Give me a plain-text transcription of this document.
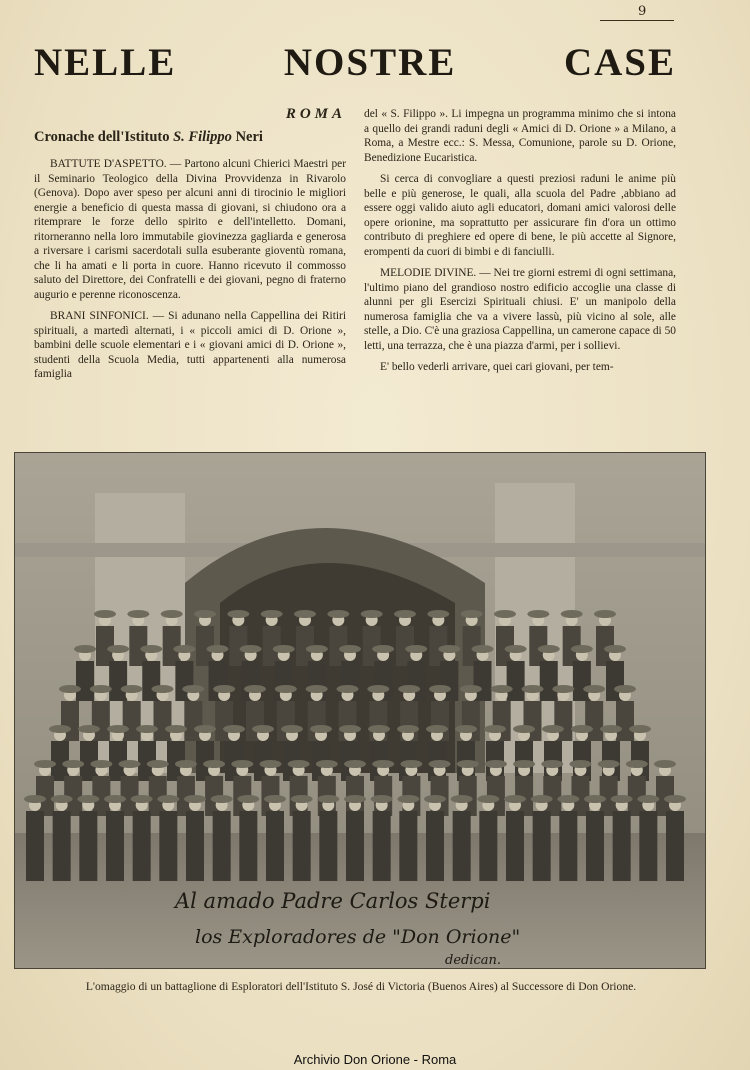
9
NELLE	NOSTRE	CASE
ROMA
Cronache dell'Istituto S. Filippo Neri

BATTUTE D'ASPETTO. — Partono alcuni Chierici Maestri per il Seminario Teologico della Divina Provvidenza in Rivarolo (Genova). Dopo aver speso per alcuni anni di tirocinio le migliori energie a beneficio di questa massa di giovani, si chiudono ora a ritemprare le forze dello spirito e dell'intelletto. Domani, ritorneranno nella loro immutabile giovinezza gagliarda e generosa a riversare i carismi sacerdotali sulla esuberante gioventù romana, che li ha amati e li porta in cuore. Hanno ricevuto il commosso saluto del Direttore, dei Confratelli e dei giovani, pegno di fraterno augurio e perenne riconoscenza.

BRANI SINFONICI. — Si adunano nella Cappellina dei Ritiri spirituali, a martedì alternati, i « piccoli amici di D. Orione », bambini delle scuole elementari e i « giovani amici di D. Orione », studenti della Scuola Media, tutti appartenenti alla numerosa famiglia

del « S. Filippo ». Li impegna un programma minimo che si intona a quello dei grandi raduni degli « Amici di D. Orione » a Milano, a Roma, a Mestre ecc.: S. Messa, Comunione, parole su D. Orione, Benedizione Eucaristica.

Si cerca di convogliare a questi preziosi raduni le anime più belle e più generose, le quali, alla scuola del Padre ,abbiano ad essere oggi valido aiuto agli educatori, domani amici valorosi delle opere orionine, ma soprattutto per assicurare fin d'ora un ottimo contributo di preghiere ed opere di bene, le più accette al Signore, erompenti da cuori di bimbi e di fanciulli.

MELODIE DIVINE. — Nei tre giorni estremi di ogni settimana, l'ultimo piano del grandioso nostro edificio accoglie una classe di alunni per gli Esercizi Spirituali chiusi. E' un manipolo della numerosa famiglia che va a vivere lassù, più vicino al sole, alle stelle, a Dio. C'è una graziosa Cappellina, un camerone capace di 50 letti, una terrazza, che è una piazza d'armi, per i sollievi.

E' bello vederli arrivare, quei cari giovani, per tem-

Al amado Padre Carlos Sterpi
los Exploradores de "Don Orione"
dedican.
L'omaggio di un battaglione di Esploratori dell'Istituto S. José di Victoria (Buenos Aires) al Successore di Don Orione.
Archivio Don Orione - Roma
